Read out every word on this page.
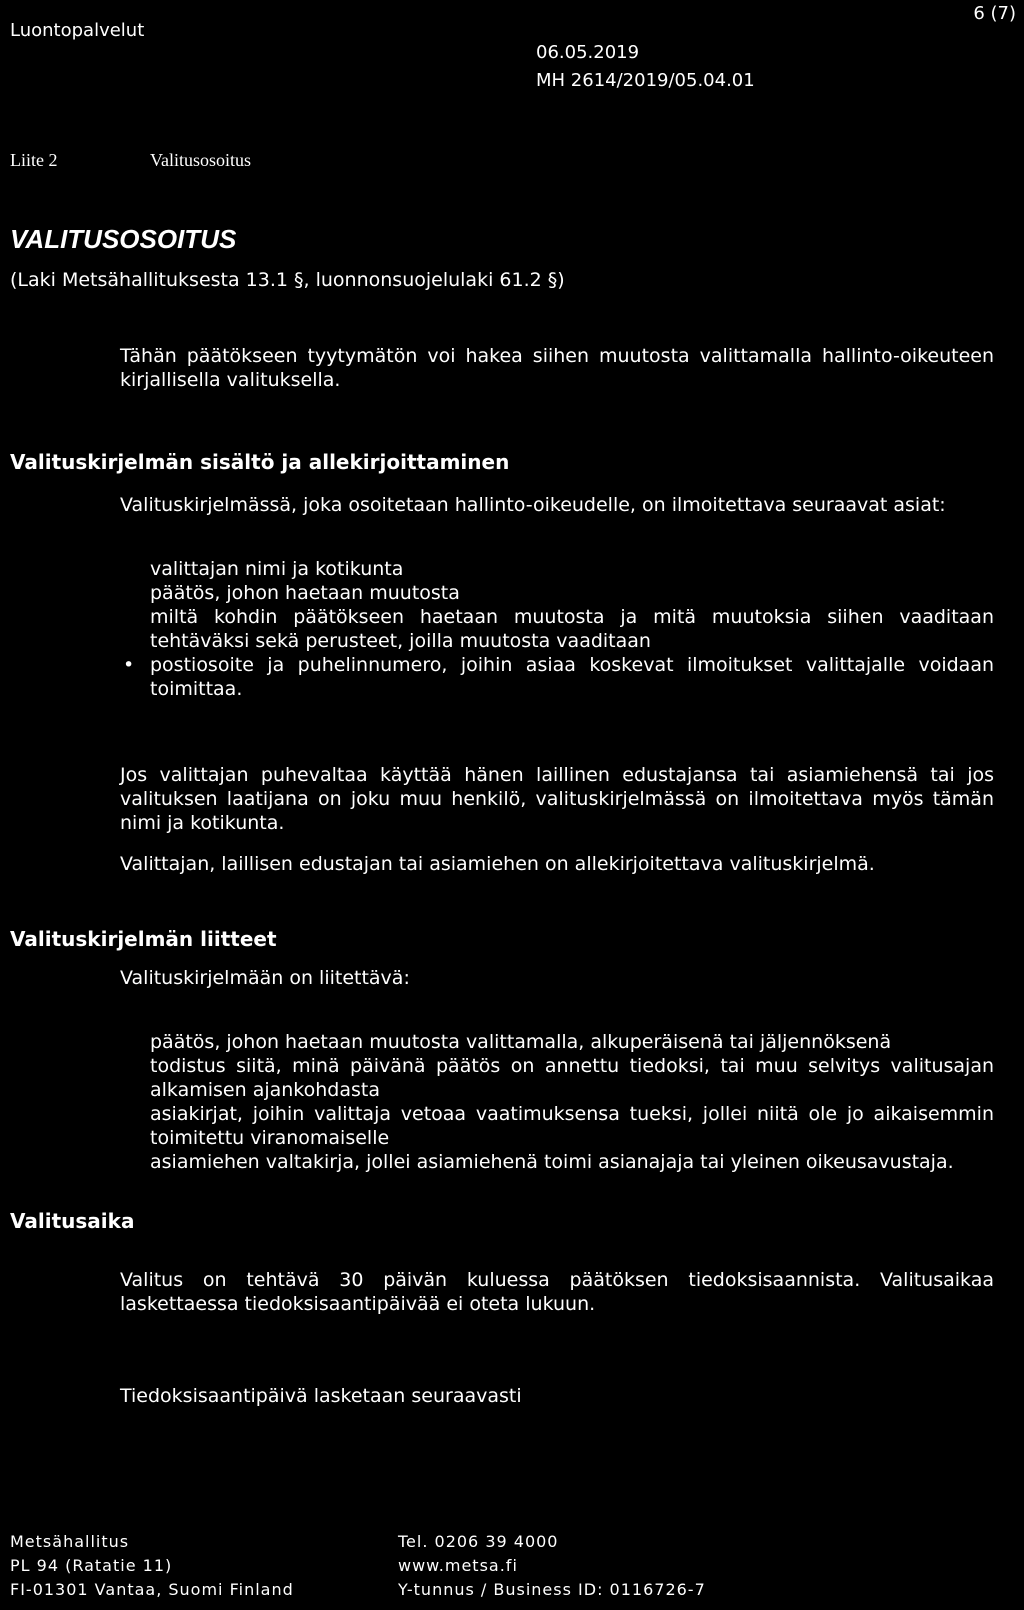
Luontopalvelut
6 (7)
06.05.2019
MH 2614/2019/05.04.01
Liite 2	Valitusosoitus
VALITUSOSOITUS
(Laki Metsähallituksesta 13.1 §, luonnonsuojelulaki 61.2 §)

Tähän päätökseen tyytymätön voi hakea siihen muutosta valittamalla hallinto-oikeuteen kirjallisella valituksella.

Valituskirjelmän sisältö ja allekirjoittaminen

Valituskirjelmässä, joka osoitetaan hallinto-oikeudelle, on ilmoitettava seuraavat asiat:

valittajan nimi ja kotikunta
päätös, johon haetaan muutosta
miltä kohdin päätökseen haetaan muutosta ja mitä muutoksia siihen vaaditaan tehtäväksi sekä perusteet, joilla muutosta vaaditaan
• postiosoite ja puhelinnumero, joihin asiaa koskevat ilmoitukset valittajalle voidaan toimittaa.

Jos valittajan puhevaltaa käyttää hänen laillinen edustajansa tai asiamiehensä tai jos valituksen laatijana on joku muu henkilö, valituskirjelmässä on ilmoitettava myös tämän nimi ja kotikunta.

Valittajan, laillisen edustajan tai asiamiehen on allekirjoitettava valituskirjelmä.

Valituskirjelmän liitteet
Valituskirjelmään on liitettävä:
päätös, johon haetaan muutosta valittamalla, alkuperäisenä tai jäljennöksenä
todistus siitä, minä päivänä päätös on annettu tiedoksi, tai muu selvitys valitusajan alkamisen ajankohdasta
asiakirjat, joihin valittaja vetoaa vaatimuksensa tueksi, jollei niitä ole jo aikaisemmin toimitettu viranomaiselle
asiamiehen valtakirja, jollei asiamiehenä toimi asianajaja tai yleinen oikeusavustaja.
Valitusaika

Valitus on tehtävä 30 päivän kuluessa päätöksen tiedoksisaannista. Valitusaikaa laskettaessa tiedoksisaantipäivää ei oteta lukuun.

Tiedoksisaantipäivä lasketaan seuraavasti
Metsähallitus
PL 94 (Ratatie 11)
FI-01301 Vantaa, Suomi Finland
Tel. 0206 39 4000
www.metsa.fi
Y-tunnus / Business ID: 0116726-7
